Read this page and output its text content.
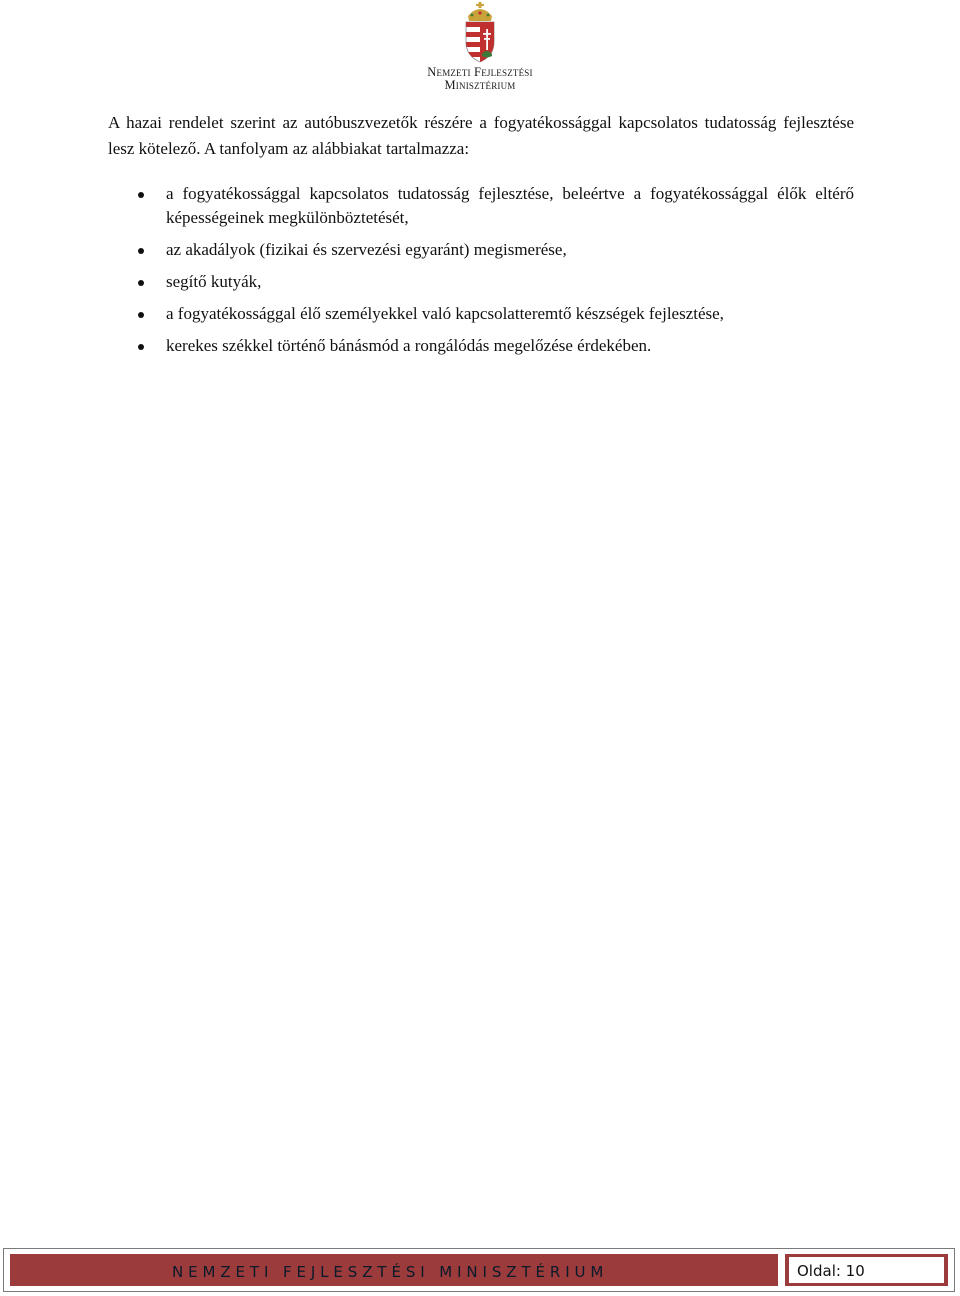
Nemzeti Fejlesztési
Minisztérium

A hazai rendelet szerint az autóbuszvezetők részére a fogyatékossággal kapcsolatos tudatosság fejlesztése lesz kötelező. A tanfolyam az alábbiakat tartalmazza:

a fogyatékossággal kapcsolatos tudatosság fejlesztése, beleértve a fogyatékossággal élők eltérő képességeinek megkülönböztetését,
az akadályok (fizikai és szervezési egyaránt) megismerése,
segítő kutyák,
a fogyatékossággal élő személyekkel való kapcsolatteremtő készségek fejlesztése,
kerekes székkel történő bánásmód a rongálódás megelőzése érdekében.
NEMZETI FEJLESZTÉSI MINISZTÉRIUM	Oldal: 10
